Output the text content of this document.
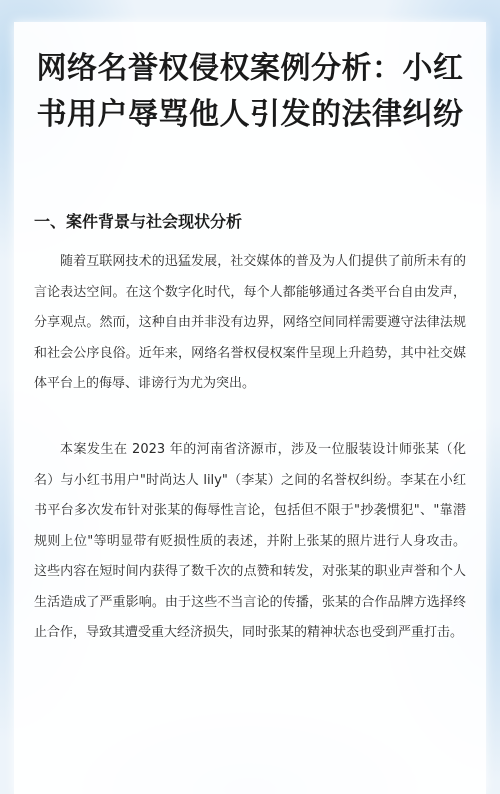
网络名誉权侵权案例分析：小红书用户辱骂他人引发的法律纠纷
一、案件背景与社会现状分析

随着互联网技术的迅猛发展，社交媒体的普及为人们提供了前所未有的言论表达空间。在这个数字化时代，每个人都能够通过各类平台自由发声，分享观点。然而，这种自由并非没有边界，网络空间同样需要遵守法律法规和社会公序良俗。近年来，网络名誉权侵权案件呈现上升趋势，其中社交媒体平台上的侮辱、诽谤行为尤为突出。

本案发生在 2023 年的河南省济源市，涉及一位服装设计师张某（化名）与小红书用户"时尚达人 lily"（李某）之间的名誉权纠纷。李某在小红书平台多次发布针对张某的侮辱性言论，包括但不限于"抄袭惯犯"、"靠潜规则上位"等明显带有贬损性质的表述，并附上张某的照片进行人身攻击。这些内容在短时间内获得了数千次的点赞和转发，对张某的职业声誉和个人生活造成了严重影响。由于这些不当言论的传播，张某的合作品牌方选择终止合作，导致其遭受重大经济损失，同时张某的精神状态也受到严重打击。
